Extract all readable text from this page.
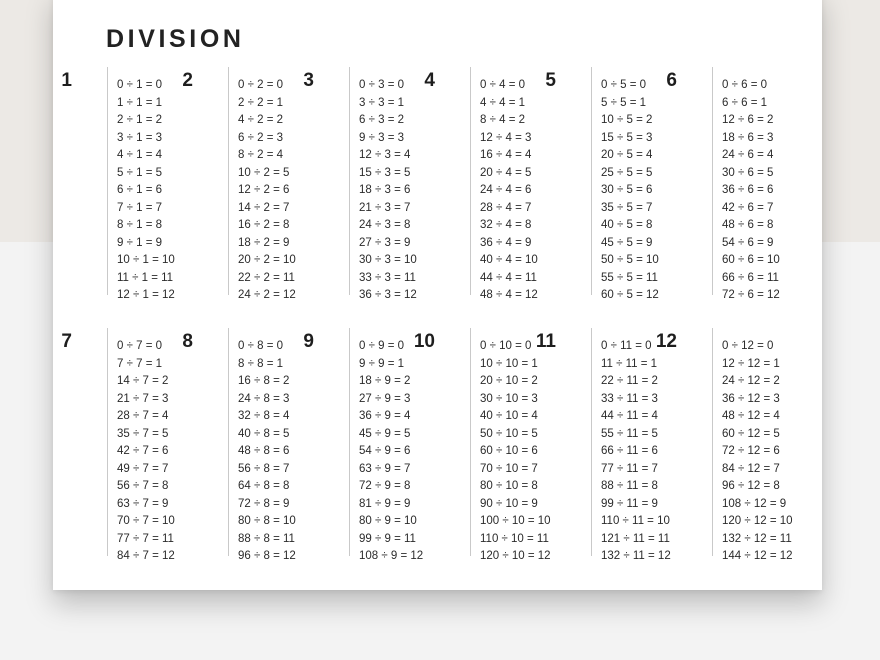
DIVISION
1	0 ÷ 1 = 0
1 ÷ 1 = 1
2 ÷ 1 = 2
3 ÷ 1 = 3
4 ÷ 1 = 4
5 ÷ 1 = 5
6 ÷ 1 = 6
7 ÷ 1 = 7
8 ÷ 1 = 8
9 ÷ 1 = 9
10 ÷ 1 = 10
11 ÷ 1 = 11
12 ÷ 1 = 12
2	0 ÷ 2 = 0
2 ÷ 2 = 1
4 ÷ 2 = 2
6 ÷ 2 = 3
8 ÷ 2 = 4
10 ÷ 2 = 5
12 ÷ 2 = 6
14 ÷ 2 = 7
16 ÷ 2 = 8
18 ÷ 2 = 9
20 ÷ 2 = 10
22 ÷ 2 = 11
24 ÷ 2 = 12
3	0 ÷ 3 = 0
3 ÷ 3 = 1
6 ÷ 3 = 2
9 ÷ 3 = 3
12 ÷ 3 = 4
15 ÷ 3 = 5
18 ÷ 3 = 6
21 ÷ 3 = 7
24 ÷ 3 = 8
27 ÷ 3 = 9
30 ÷ 3 = 10
33 ÷ 3 = 11
36 ÷ 3 = 12
4	0 ÷ 4 = 0
4 ÷ 4 = 1
8 ÷ 4 = 2
12 ÷ 4 = 3
16 ÷ 4 = 4
20 ÷ 4 = 5
24 ÷ 4 = 6
28 ÷ 4 = 7
32 ÷ 4 = 8
36 ÷ 4 = 9
40 ÷ 4 = 10
44 ÷ 4 = 11
48 ÷ 4 = 12
5	0 ÷ 5 = 0
5 ÷ 5 = 1
10 ÷ 5 = 2
15 ÷ 5 = 3
20 ÷ 5 = 4
25 ÷ 5 = 5
30 ÷ 5 = 6
35 ÷ 5 = 7
40 ÷ 5 = 8
45 ÷ 5 = 9
50 ÷ 5 = 10
55 ÷ 5 = 11
60 ÷ 5 = 12
6	0 ÷ 6 = 0
6 ÷ 6 = 1
12 ÷ 6 = 2
18 ÷ 6 = 3
24 ÷ 6 = 4
30 ÷ 6 = 5
36 ÷ 6 = 6
42 ÷ 6 = 7
48 ÷ 6 = 8
54 ÷ 6 = 9
60 ÷ 6 = 10
66 ÷ 6 = 11
72 ÷ 6 = 12
7	0 ÷ 7 = 0
7 ÷ 7 = 1
14 ÷ 7 = 2
21 ÷ 7 = 3
28 ÷ 7 = 4
35 ÷ 7 = 5
42 ÷ 7 = 6
49 ÷ 7 = 7
56 ÷ 7 = 8
63 ÷ 7 = 9
70 ÷ 7 = 10
77 ÷ 7 = 11
84 ÷ 7 = 12
8	0 ÷ 8 = 0
8 ÷ 8 = 1
16 ÷ 8 = 2
24 ÷ 8 = 3
32 ÷ 8 = 4
40 ÷ 8 = 5
48 ÷ 8 = 6
56 ÷ 8 = 7
64 ÷ 8 = 8
72 ÷ 8 = 9
80 ÷ 8 = 10
88 ÷ 8 = 11
96 ÷ 8 = 12
9	0 ÷ 9 = 0
9 ÷ 9 = 1
18 ÷ 9 = 2
27 ÷ 9 = 3
36 ÷ 9 = 4
45 ÷ 9 = 5
54 ÷ 9 = 6
63 ÷ 9 = 7
72 ÷ 9 = 8
81 ÷ 9 = 9
80 ÷ 9 = 10
99 ÷ 9 = 11
108 ÷ 9 = 12
10	0 ÷ 10 = 0
10 ÷ 10 = 1
20 ÷ 10 = 2
30 ÷ 10 = 3
40 ÷ 10 = 4
50 ÷ 10 = 5
60 ÷ 10 = 6
70 ÷ 10 = 7
80 ÷ 10 = 8
90 ÷ 10 = 9
100 ÷ 10 = 10
110 ÷ 10 = 11
120 ÷ 10 = 12
11	0 ÷ 11 = 0
11 ÷ 11 = 1
22 ÷ 11 = 2
33 ÷ 11 = 3
44 ÷ 11 = 4
55 ÷ 11 = 5
66 ÷ 11 = 6
77 ÷ 11 = 7
88 ÷ 11 = 8
99 ÷ 11 = 9
110 ÷ 11 = 10
121 ÷ 11 = 11
132 ÷ 11 = 12
12	0 ÷ 12 = 0
12 ÷ 12 = 1
24 ÷ 12 = 2
36 ÷ 12 = 3
48 ÷ 12 = 4
60 ÷ 12 = 5
72 ÷ 12 = 6
84 ÷ 12 = 7
96 ÷ 12 = 8
108 ÷ 12 = 9
120 ÷ 12 = 10
132 ÷ 12 = 11
144 ÷ 12 = 12
